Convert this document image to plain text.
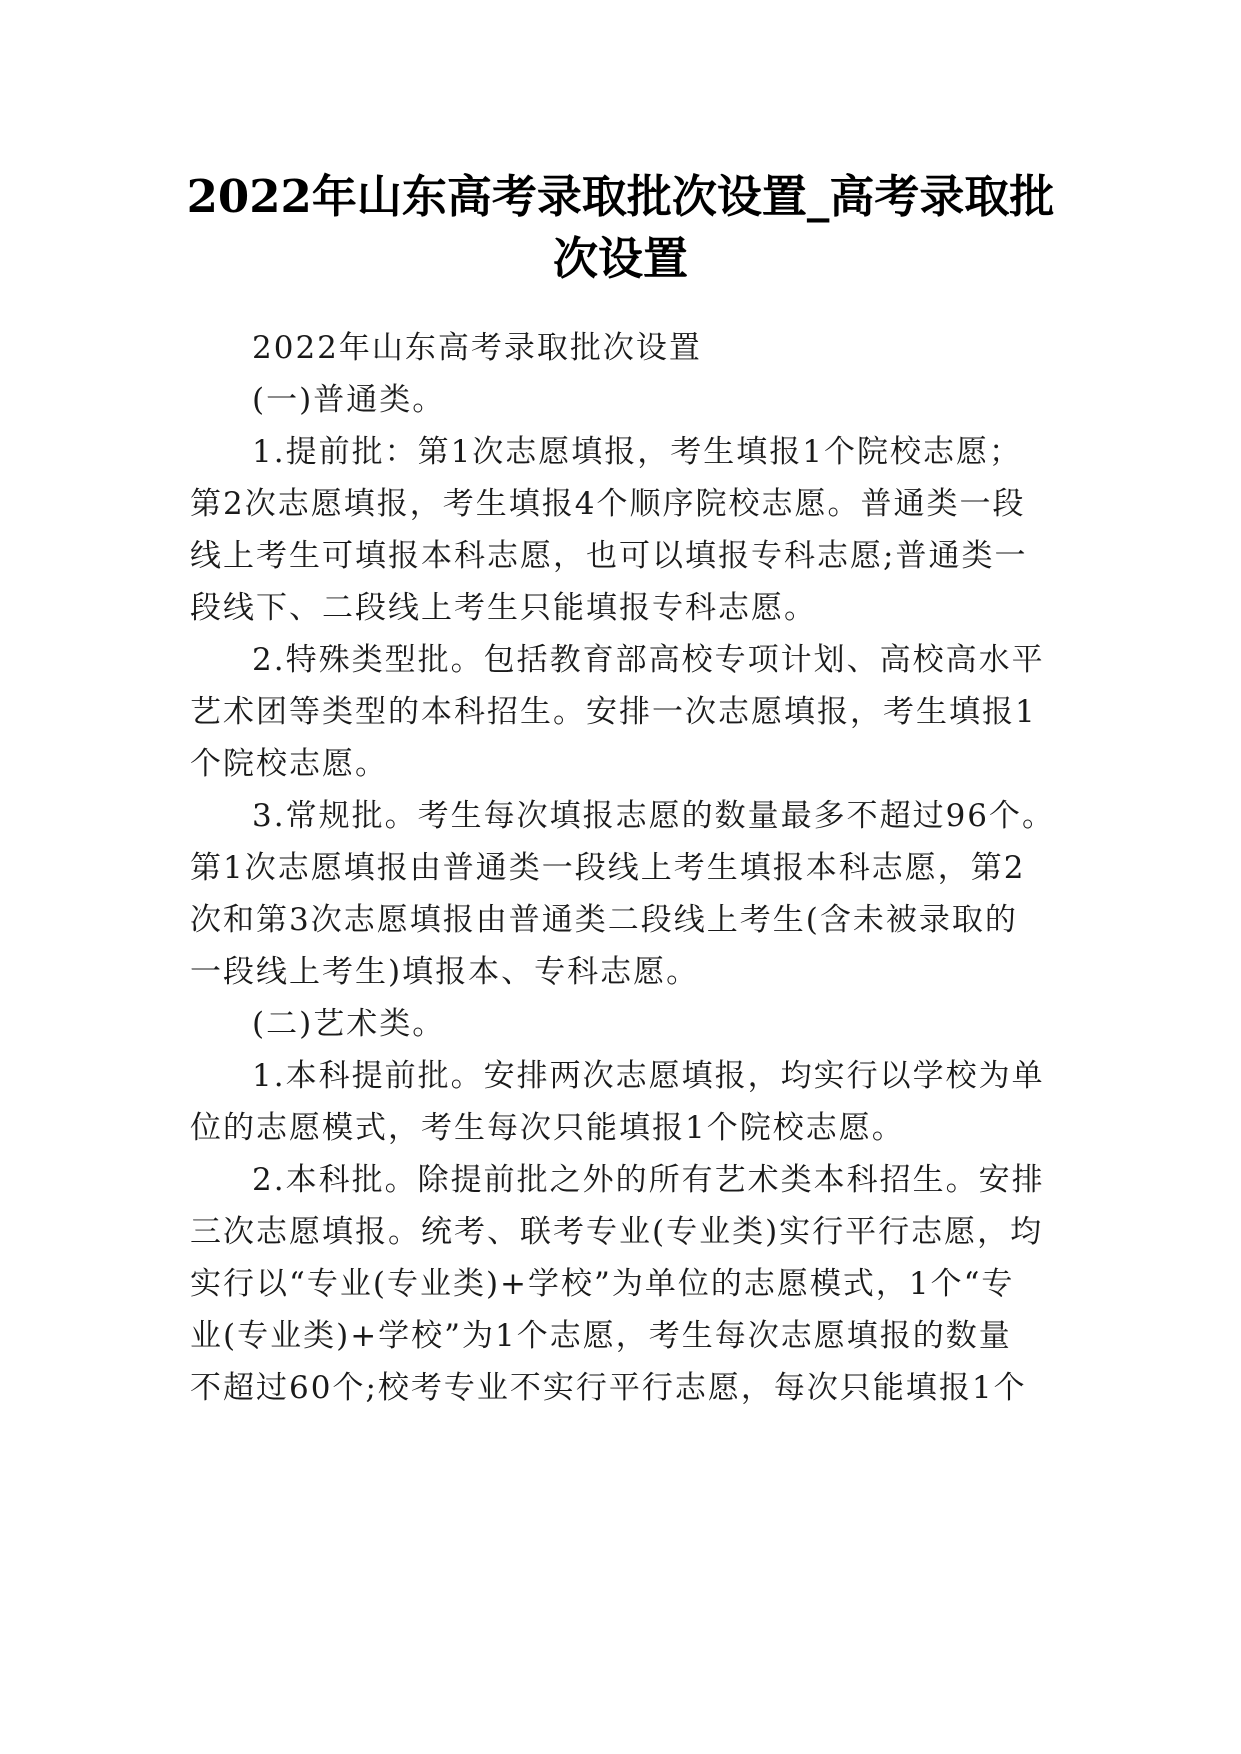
2022年山东高考录取批次设置_高考录取批
次设置

2022年山东高考录取批次设置

(一)普通类。

1.提前批：第1次志愿填报，考生填报1个院校志愿；

第2次志愿填报，考生填报4个顺序院校志愿。普通类一段

线上考生可填报本科志愿，也可以填报专科志愿;普通类一

段线下、二段线上考生只能填报专科志愿。

2.特殊类型批。包括教育部高校专项计划、高校高水平

艺术团等类型的本科招生。安排一次志愿填报，考生填报1

个院校志愿。

3.常规批。考生每次填报志愿的数量最多不超过96个。

第1次志愿填报由普通类一段线上考生填报本科志愿，第2

次和第3次志愿填报由普通类二段线上考生(含未被录取的

一段线上考生)填报本、专科志愿。

(二)艺术类。

1.本科提前批。安排两次志愿填报，均实行以学校为单

位的志愿模式，考生每次只能填报1个院校志愿。

2.本科批。除提前批之外的所有艺术类本科招生。安排

三次志愿填报。统考、联考专业(专业类)实行平行志愿，均

实行以“专业(专业类)+学校”为单位的志愿模式，1个“专

业(专业类)+学校”为1个志愿，考生每次志愿填报的数量

不超过60个;校考专业不实行平行志愿，每次只能填报1个
